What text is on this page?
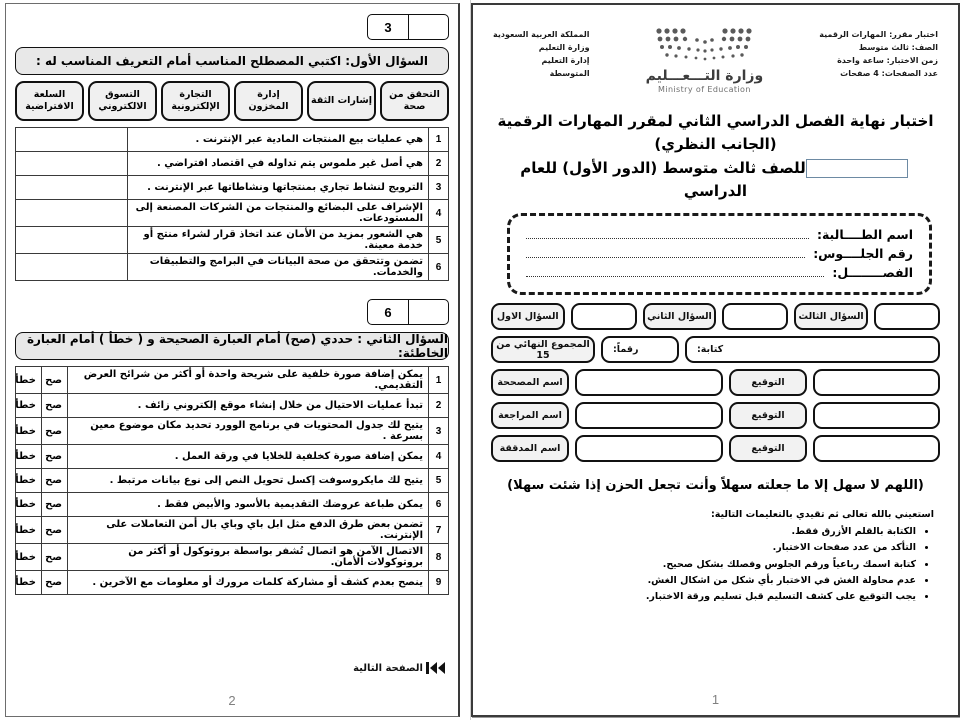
اختبار مقرر: المهارات الرقمية
الصف: ثالث متوسط
زمن الاختبار: ساعة واحدة
عدد الصفحات: 4 صفحات
وزارة التـــعـــليم
Ministry of Education
المملكة العربية السعودية
وزارة التعليم
إدارة التعليم
المتوسطة
اختبار نهاية الفصل الدراسي الثاني لمقرر المهارات الرقمية (الجانب النظري)
للصف ثالث متوسط (الدور الأول) للعام الدراسي
اسم الطــــالبة:
رقم الجلــــوس:
الفصــــــــل:
السؤال الثالث
السؤال الثاني
السؤال الاول
كتابة:
رقماً:
المجموع النهائي من 15
التوقيع
اسم المصححة
التوقيع
اسم المراجعة
التوقيع
اسم المدققة
(اللهم لا سهل إلا ما جعلته سهلاً وأنت تجعل الحزن إذا شئت سهلا)
استعيني بالله تعالى ثم تقيدي بالتعليمات التالية:
• الكتابة بالقلم الأزرق فقط.
• التأكد من عدد صفحات الاختبار.
• كتابة اسمك رباعياً ورقم الجلوس وفصلك بشكل صحيح.
• عدم محاولة الغش في الاختبار بأي شكل من اشكال الغش.
• يجب التوقيع على كشف التسليم قبل تسليم ورقة الاختبار.
1
3
السؤال الأول: اكتبي المصطلح المناسب أمام التعريف المناسب له :
التحقق من صحة
إشارات الثقة
إدارة المخزون
التجارة الإلكترونية
التسوق الالكتروني
السلعة الافتراضية
1	هي عمليات بيع المنتجات المادية عبر الإنترنت .	
2	هي أصل غير ملموس يتم تداوله في اقتصاد افتراضي .	
3	الترويج لنشاط تجاري بمنتجاتها ونشاطاتها عبر الإنترنت .	
4	الإشراف على البضائع والمنتجات من الشركات المصنعة إلى المستودعات.	
5	هي الشعور بمزيد من الأمان عند اتخاذ قرار لشراء منتج أو خدمة معينة.	
6	تضمن وتتحقق من صحة البيانات في البرامج والتطبيقات والخدمات.	
6
السؤال الثاني : حددي (صح) أمام العبارة الصحيحة و ( خطأ ) أمام العبارة الخاطئة:
1	يمكن إضافة صورة خلفية على شريحة واحدة أو أكثر من شرائح العرض التقديمي.	صح	خطأ
2	تبدأ عمليات الاحتيال من خلال إنشاء موقع إلكتروني زائف .	صح	خطأ
3	يتيح لك جدول المحتويات في برنامج الوورد تحديد مكان موضوع معين بسرعة .	صح	خطأ
4	يمكن إضافة صورة كخلفية للخلايا في ورقة العمل .	صح	خطأ
5	يتيح لك مايكروسوفت إكسل تحويل النص إلى نوع بيانات مرتبط .	صح	خطأ
6	يمكن طباعة عروضك التقديمية بالأسود والأبيض فقط .	صح	خطأ
7	تضمن بعض طرق الدفع مثل ابل باي وباي بال أمن التعاملات على الإنترنت.	صح	خطأ
8	الاتصال الآمن هو اتصال تُشفر بواسطة بروتوكول أو أكثر من بروتوكولات الأمان.	صح	خطأ
9	ينصح بعدم كشف أو مشاركة كلمات مرورك أو معلومات مع الآخرين .	صح	خطأ
الصفحة التالية
2
